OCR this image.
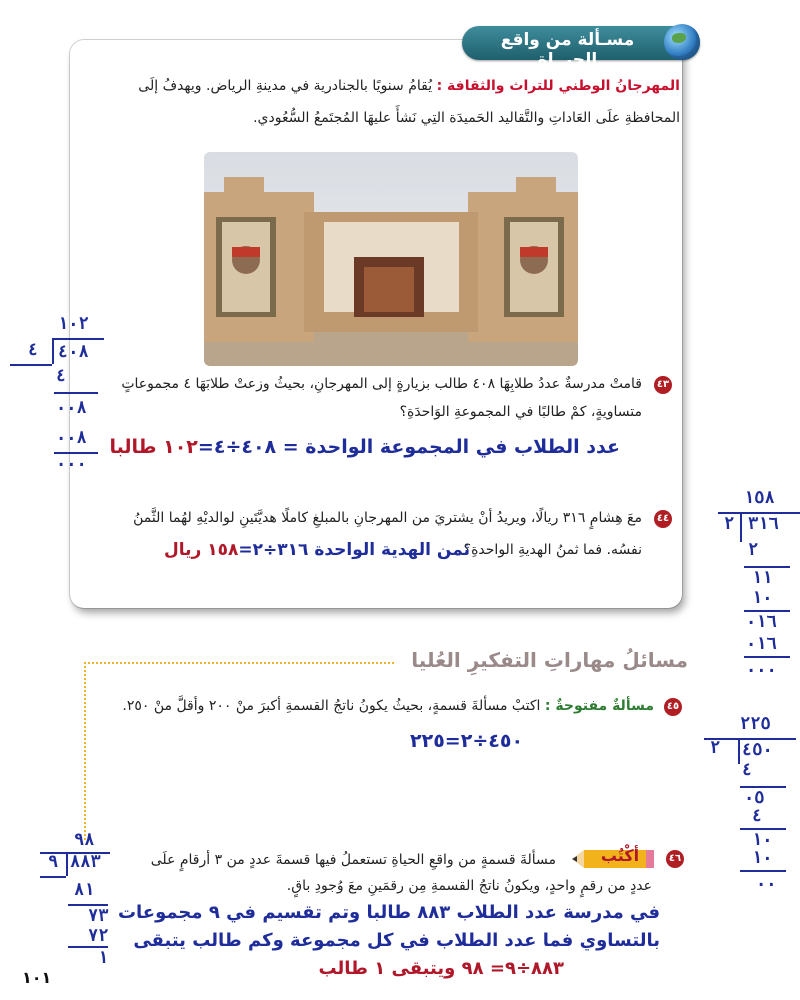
مسـألة من واقع الحيــاة
المهرجانُ الوطني للتراث والثقافة : يُقامُ سنويًا بالجنادرية في مدينةِ الرياض. ويهدفُ إلَى
المحافظةِ علَى العَاداتِ والتَّقاليد الحَميدَة التِي نَشأَ عليهَا المُجتَمعُ السُّعُودي.
٤٣
قامتْ مدرسةٌ عددُ طلابِهَا ٤٠٨ طالب بزيارةٍ إلى المهرجانِ، بحيثُ وزعتْ طلابَهَا ٤ مجموعاتٍ
متساويةٍ، كمْ طالبًا في المجموعةِ الوَاحدَةِ؟
عدد الطلاب في المجموعة الواحدة = ٤٠٨÷٤=١٠٢ طالبا
٤٤
معَ هِشامٍ ٣١٦ ريالًا، ويريدُ أنْ يشتريَ من المهرجانِ بالمبلغِ كاملًا هديَّتَينِ لوالديْهِ لهُما الثَّمنُ
نفسُه. فما ثمنُ الهديةِ الواحدةِ؟
ثمن الهدية الواحدة ٣١٦÷٢=١٥٨ ريال
مسائلُ مهاراتِ التفكيرِ العُليا
٤٥
مسألةٌ مفتوحةٌ : اكتبْ مسألةَ قسمةٍ، بحيثُ يكونُ ناتجُ القسمةِ أكبرَ منْ ٢٠٠ وأقلَّ منْ ٢٥٠.
٤٥٠÷٢=٢٢٥
أكْتُب	٤٦
مسألةَ قسمةٍ من واقعِ الحياةِ تستعملُ فيها قسمةَ عددٍ من ٣ أرقامٍ علَى
عددٍ من رقمٍ واحدٍ، ويكونُ ناتجُ القسمةِ مِن رقمَينِ معَ وُجودِ باقٍ.
في مدرسة عدد الطلاب ٨٨٣ طالبا وتم تقسيم في ٩ مجموعات
بالتساوي فما عدد الطلاب في كل مجموعة وكم طالب يتبقى
٨٨٣÷٩= ٩٨ ويتبقى ١ طالب
١٠٢
٤ ٤٠٨
٤
٠٠٨
٠٠٨
٠٠٠
١٥٨
٢ ٣١٦
٢
١١
١٠
٠١٦
٠١٦
٠٠٠
٢٢٥
٢ ٤٥٠
٤
٠٥
٤
١٠
١٠
٠٠
٩٨
٩ ٨٨٣
٨١
٧٣
٧٢
١
١٠١
